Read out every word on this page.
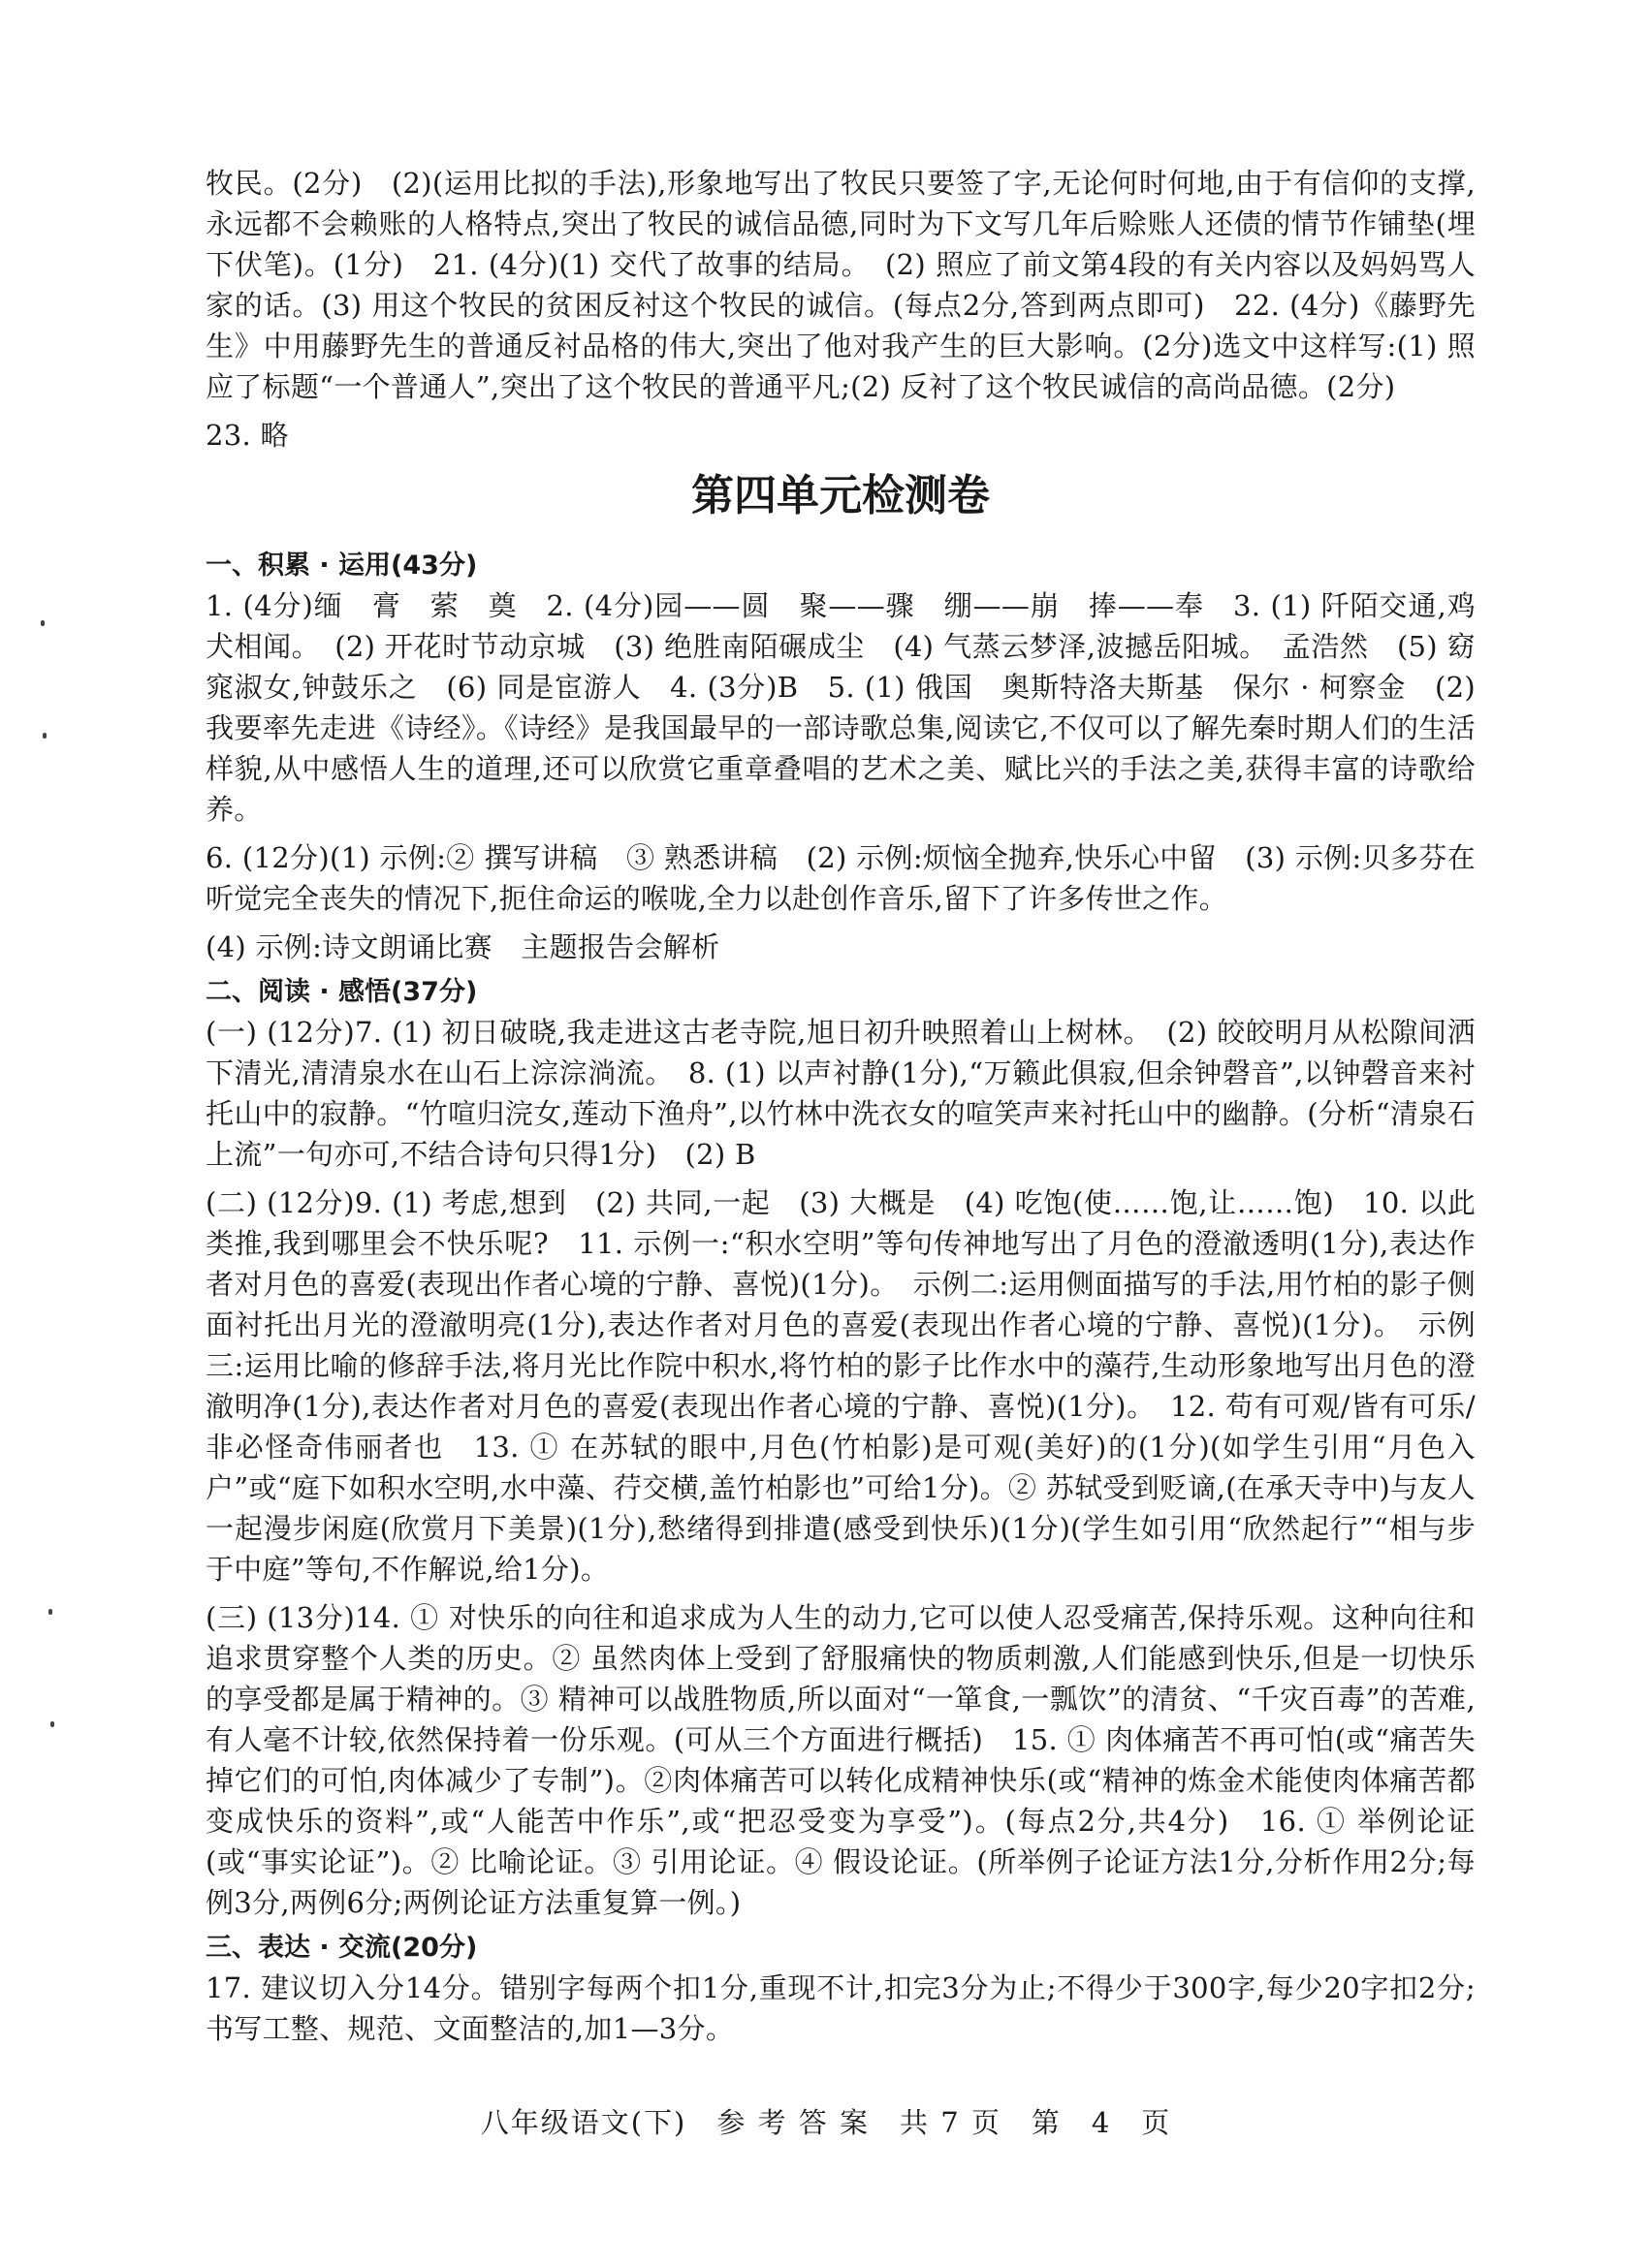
牧民。(2分)　(2)(运用比拟的手法),形象地写出了牧民只要签了字,无论何时何地,由于有信仰的支撑,永远都不会赖账的人格特点,突出了牧民的诚信品德,同时为下文写几年后赊账人还债的情节作铺垫(埋下伏笔)。(1分)　21. (4分)(1) 交代了故事的结局。　(2) 照应了前文第4段的有关内容以及妈妈骂人家的话。(3) 用这个牧民的贫困反衬这个牧民的诚信。(每点2分,答到两点即可)　22. (4分)《藤野先生》中用藤野先生的普通反衬品格的伟大,突出了他对我产生的巨大影响。(2分)选文中这样写:(1) 照应了标题“一个普通人”,突出了这个牧民的普通平凡;(2) 反衬了这个牧民诚信的高尚品德。(2分)

23. 略

第四单元检测卷
一、积累 · 运用(43分)

1. (4分)缅　膏　萦　奠　2. (4分)园——圆　聚——骤　绷——崩　捧——奉　3. (1) 阡陌交通,鸡犬相闻。　(2) 开花时节动京城　(3) 绝胜南陌碾成尘　(4) 气蒸云梦泽,波撼岳阳城。　孟浩然　(5) 窈窕淑女,钟鼓乐之　(6) 同是宦游人　4. (3分)B　5. (1) 俄国　奥斯特洛夫斯基　保尔 · 柯察金　(2) 我要率先走进《诗经》。《诗经》是我国最早的一部诗歌总集,阅读它,不仅可以了解先秦时期人们的生活样貌,从中感悟人生的道理,还可以欣赏它重章叠唱的艺术之美、赋比兴的手法之美,获得丰富的诗歌给养。

6. (12分)(1) 示例:② 撰写讲稿　③ 熟悉讲稿　(2) 示例:烦恼全抛弃,快乐心中留　(3) 示例:贝多芬在听觉完全丧失的情况下,扼住命运的喉咙,全力以赴创作音乐,留下了许多传世之作。

(4) 示例:诗文朗诵比赛　主题报告会解析

二、阅读 · 感悟(37分)

(一) (12分)7. (1) 初日破晓,我走进这古老寺院,旭日初升映照着山上树林。　(2) 皎皎明月从松隙间洒下清光,清清泉水在山石上淙淙淌流。　8. (1) 以声衬静(1分),“万籁此俱寂,但余钟磬音”,以钟磬音来衬托山中的寂静。“竹喧归浣女,莲动下渔舟”,以竹林中洗衣女的喧笑声来衬托山中的幽静。(分析“清泉石上流”一句亦可,不结合诗句只得1分)　(2) B

(二) (12分)9. (1) 考虑,想到　(2) 共同,一起　(3) 大概是　(4) 吃饱(使……饱,让……饱)　10. 以此类推,我到哪里会不快乐呢?　11. 示例一:“积水空明”等句传神地写出了月色的澄澈透明(1分),表达作者对月色的喜爱(表现出作者心境的宁静、喜悦)(1分)。　示例二:运用侧面描写的手法,用竹柏的影子侧面衬托出月光的澄澈明亮(1分),表达作者对月色的喜爱(表现出作者心境的宁静、喜悦)(1分)。　示例三:运用比喻的修辞手法,将月光比作院中积水,将竹柏的影子比作水中的藻荇,生动形象地写出月色的澄澈明净(1分),表达作者对月色的喜爱(表现出作者心境的宁静、喜悦)(1分)。　12. 苟有可观/皆有可乐/非必怪奇伟丽者也　13. ① 在苏轼的眼中,月色(竹柏影)是可观(美好)的(1分)(如学生引用“月色入户”或“庭下如积水空明,水中藻、荇交横,盖竹柏影也”可给1分)。② 苏轼受到贬谪,(在承天寺中)与友人一起漫步闲庭(欣赏月下美景)(1分),愁绪得到排遣(感受到快乐)(1分)(学生如引用“欣然起行”“相与步于中庭”等句,不作解说,给1分)。

(三) (13分)14. ① 对快乐的向往和追求成为人生的动力,它可以使人忍受痛苦,保持乐观。这种向往和追求贯穿整个人类的历史。② 虽然肉体上受到了舒服痛快的物质刺激,人们能感到快乐,但是一切快乐的享受都是属于精神的。③ 精神可以战胜物质,所以面对“一箪食,一瓢饮”的清贫、“千灾百毒”的苦难,有人毫不计较,依然保持着一份乐观。(可从三个方面进行概括)　15. ① 肉体痛苦不再可怕(或“痛苦失掉它们的可怕,肉体减少了专制”)。②肉体痛苦可以转化成精神快乐(或“精神的炼金术能使肉体痛苦都变成快乐的资料”,或“人能苦中作乐”,或“把忍受变为享受”)。(每点2分,共4分)　16. ① 举例论证(或“事实论证”)。② 比喻论证。③ 引用论证。④ 假设论证。(所举例子论证方法1分,分析作用2分;每例3分,两例6分;两例论证方法重复算一例。)

三、表达 · 交流(20分)

17. 建议切入分14分。错别字每两个扣1分,重现不计,扣完3分为止;不得少于300字,每少20字扣2分;书写工整、规范、文面整洁的,加1—3分。

八年级语文(下)　参 考 答 案　共 7 页　第　4　页
